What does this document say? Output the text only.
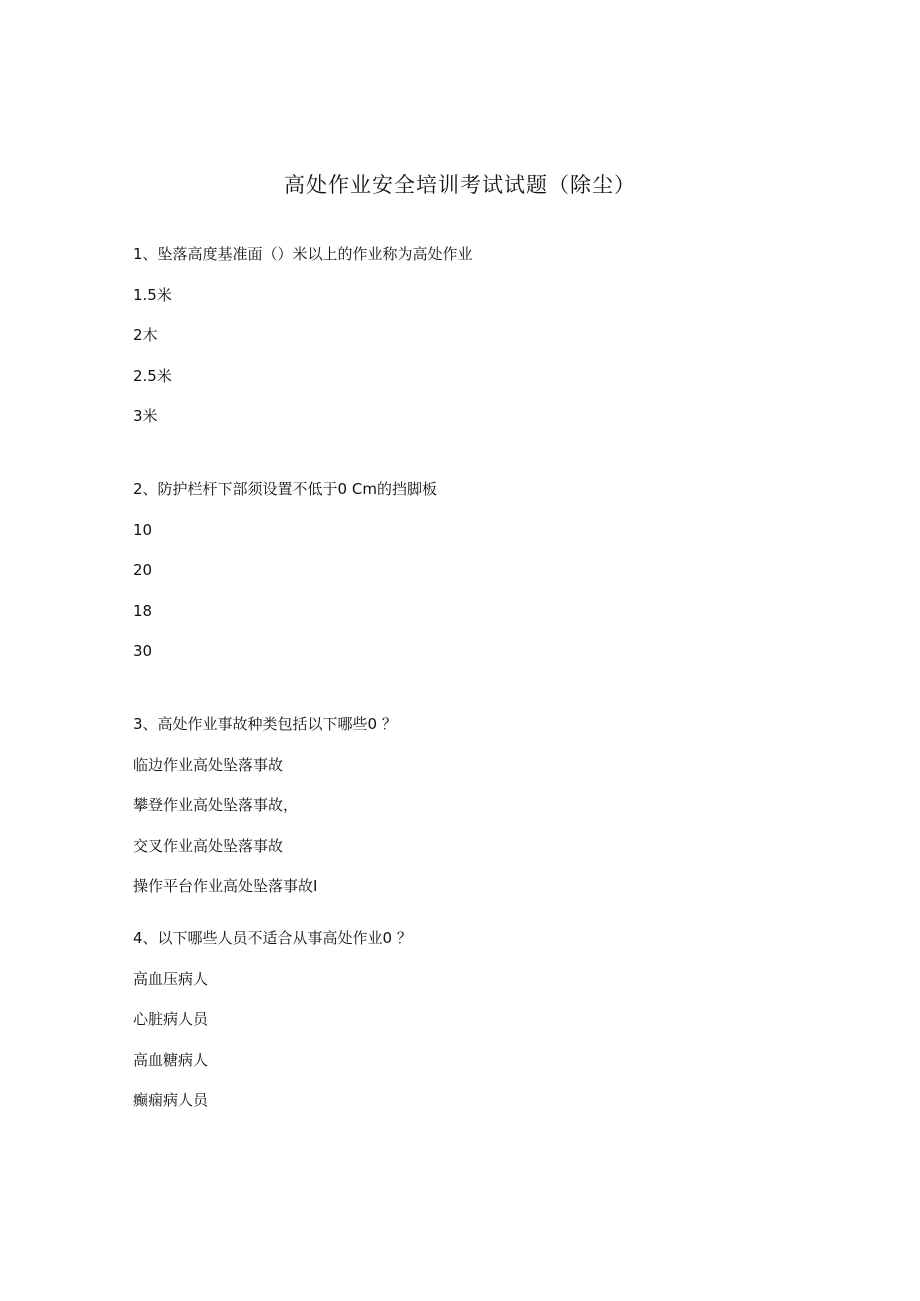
高处作业安全培训考试试题（除尘）
1、坠落高度基准面（）米以上的作业称为高处作业
1.5米
2木
2.5米
3米
2、防护栏杆下部须设置不低于0 Cm的挡脚板
10
20
18
30
3、高处作业事故种类包括以下哪些0 ？
临边作业高处坠落事故
攀登作业高处坠落事故，
交叉作业高处坠落事故
操作平台作业高处坠落事故I
4、以下哪些人员不适合从事高处作业0 ？
高血压病人
心脏病人员
高血糖病人
癫痫病人员
